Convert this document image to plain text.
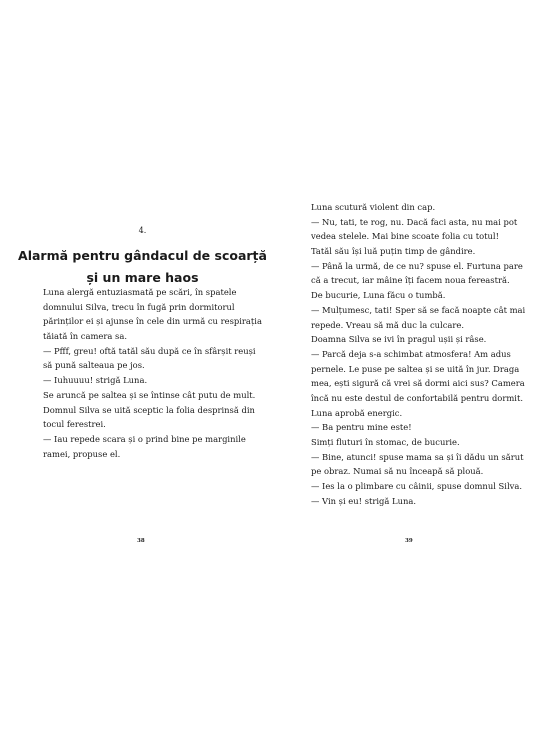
4.
Alarmă pentru gândacul de scoarță
și un mare haos
Luna alergă entuziasmată pe scări, în spatele
domnului Silva, trecu în fugă prin dormitorul
părinților ei și ajunse în cele din urmă cu respirația
tăiată în camera sa.
— Pfff, greu! oftă tatăl său după ce în sfârșit reuși
să pună salteaua pe jos.
— Iuhuuuu! strigă Luna.
Se aruncă pe saltea și se întinse cât putu de mult.
Domnul Silva se uită sceptic la folia desprinsă din
tocul ferestrei.
— Iau repede scara și o prind bine pe marginile
ramei, propuse el.
38
Luna scutură violent din cap.
— Nu, tati, te rog, nu. Dacă faci asta, nu mai pot
vedea stelele. Mai bine scoate folia cu totul!
Tatăl său își luă puțin timp de gândire.
— Până la urmă, de ce nu? spuse el. Furtuna pare
că a trecut, iar mâine îți facem noua fereastră.
De bucurie, Luna făcu o tumbă.
— Mulțumesc, tati! Sper să se facă noapte cât mai
repede. Vreau să mă duc la culcare.
Doamna Silva se ivi în pragul ușii și râse.
— Parcă deja s-a schimbat atmosfera! Am adus
pernele. Le puse pe saltea și se uită în jur. Draga
mea, ești sigură că vrei să dormi aici sus? Camera
încă nu este destul de confortabilă pentru dormit.
Luna aprobă energic.
— Ba pentru mine este!
Simți fluturi în stomac, de bucurie.
— Bine, atunci! spuse mama sa și îi dădu un sărut
pe obraz. Numai să nu înceapă să plouă.
— Ies la o plimbare cu câinii, spuse domnul Silva.
— Vin și eu! strigă Luna.
39
